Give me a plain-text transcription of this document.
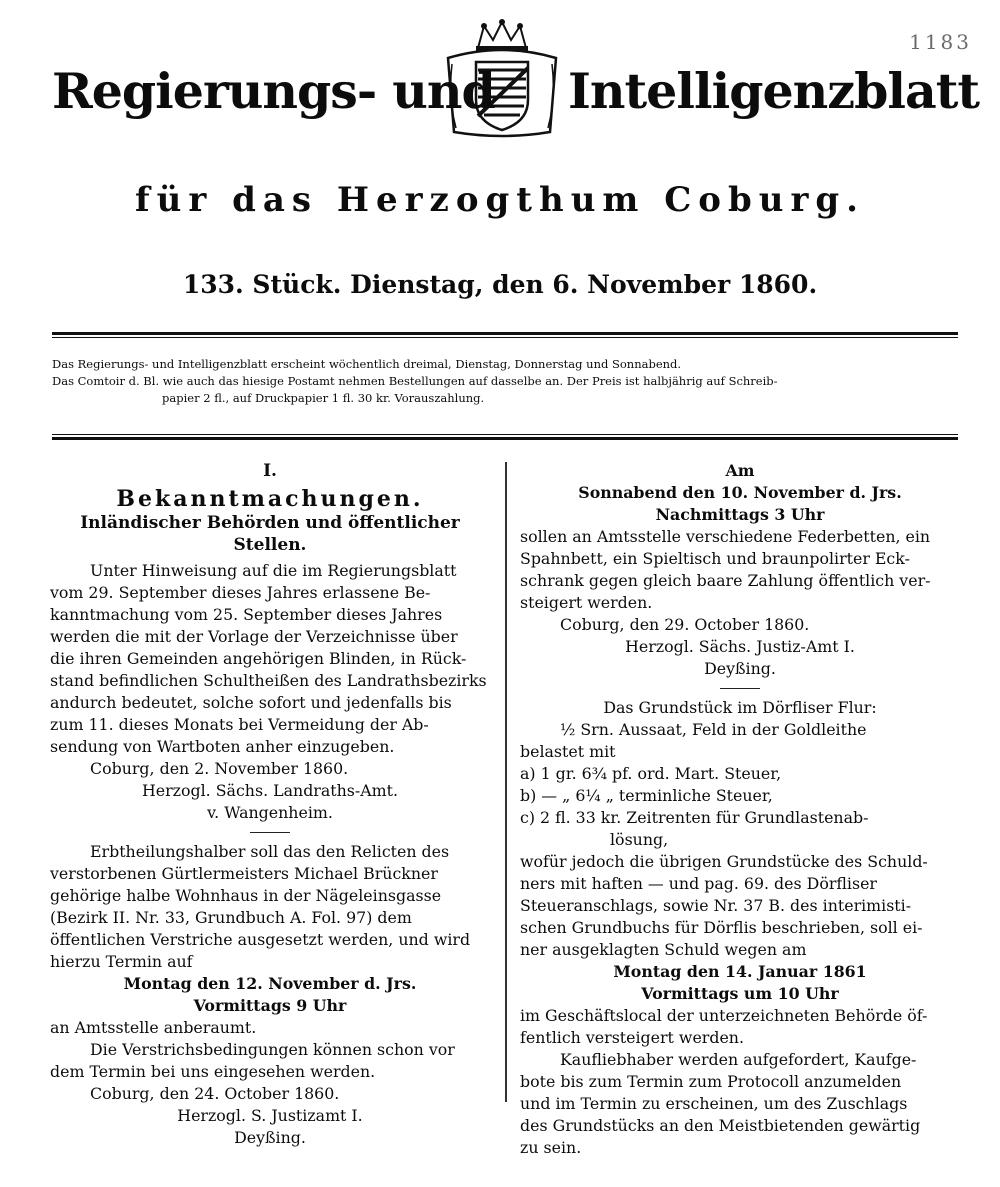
1183
Regierungs- und Intelligenzblatt
für das Herzogthum Coburg.
133. Stück. Dienstag, den 6. November 1860.
Das Regierungs- und Intelligenzblatt erscheint wöchentlich dreimal, Dienstag, Donnerstag und Sonnabend.
Das Comtoir d. Bl. wie auch das hiesige Postamt nehmen Bestellungen auf dasselbe an. Der Preis ist halbjährig auf Schreib-
papier 2 fl., auf Druckpapier 1 fl. 30 kr. Vorauszahlung.
I.
Bekanntmachungen.
Inländischer Behörden und öffentlicher Stellen.
Unter Hinweisung auf die im Regierungsblatt
vom 29. September dieses Jahres erlassene Be-
kanntmachung vom 25. September dieses Jahres
werden die mit der Vorlage der Verzeichnisse über
die ihren Gemeinden angehörigen Blinden, in Rück-
stand befindlichen Schultheißen des Landrathsbezirks
andurch bedeutet, solche sofort und jedenfalls bis
zum 11. dieses Monats bei Vermeidung der Ab-
sendung von Wartboten anher einzugeben.
Coburg, den 2. November 1860.
Herzogl. Sächs. Landraths-Amt.
v. Wangenheim.
Erbtheilungshalber soll das den Relicten des
verstorbenen Gürtlermeisters Michael Brückner
gehörige halbe Wohnhaus in der Nägeleinsgasse
(Bezirk II. Nr. 33, Grundbuch A. Fol. 97) dem
öffentlichen Verstriche ausgesetzt werden, und wird
hierzu Termin auf
Montag den 12. November d. Jrs.
Vormittags 9 Uhr
an Amtsstelle anberaumt.
Die Verstrichsbedingungen können schon vor
dem Termin bei uns eingesehen werden.
Coburg, den 24. October 1860.
Herzogl. S. Justizamt I.
Deyßing.
Am
Sonnabend den 10. November d. Jrs.
Nachmittags 3 Uhr
sollen an Amtsstelle verschiedene Federbetten, ein
Spahnbett, ein Spieltisch und braunpolirter Eck-
schrank gegen gleich baare Zahlung öffentlich ver-
steigert werden.
Coburg, den 29. October 1860.
Herzogl. Sächs. Justiz-Amt I.
Deyßing.
Das Grundstück im Dörfliser Flur:
½ Srn. Aussaat, Feld in der Goldleithe
belastet mit
a) 1 gr. 6¾ pf. ord. Mart. Steuer,
b) — „ 6¼ „ terminliche Steuer,
c) 2 fl. 33 kr. Zeitrenten für Grundlastenab-
lösung,
wofür jedoch die übrigen Grundstücke des Schuld-
ners mit haften — und pag. 69. des Dörfliser
Steueranschlags, sowie Nr. 37 B. des interimisti-
schen Grundbuchs für Dörflis beschrieben, soll ei-
ner ausgeklagten Schuld wegen am
Montag den 14. Januar 1861
Vormittags um 10 Uhr
im Geschäftslocal der unterzeichneten Behörde öf-
fentlich versteigert werden.
Kaufliebhaber werden aufgefordert, Kaufge-
bote bis zum Termin zum Protocoll anzumelden
und im Termin zu erscheinen, um des Zuschlags
des Grundstücks an den Meistbietenden gewärtig
zu sein.
